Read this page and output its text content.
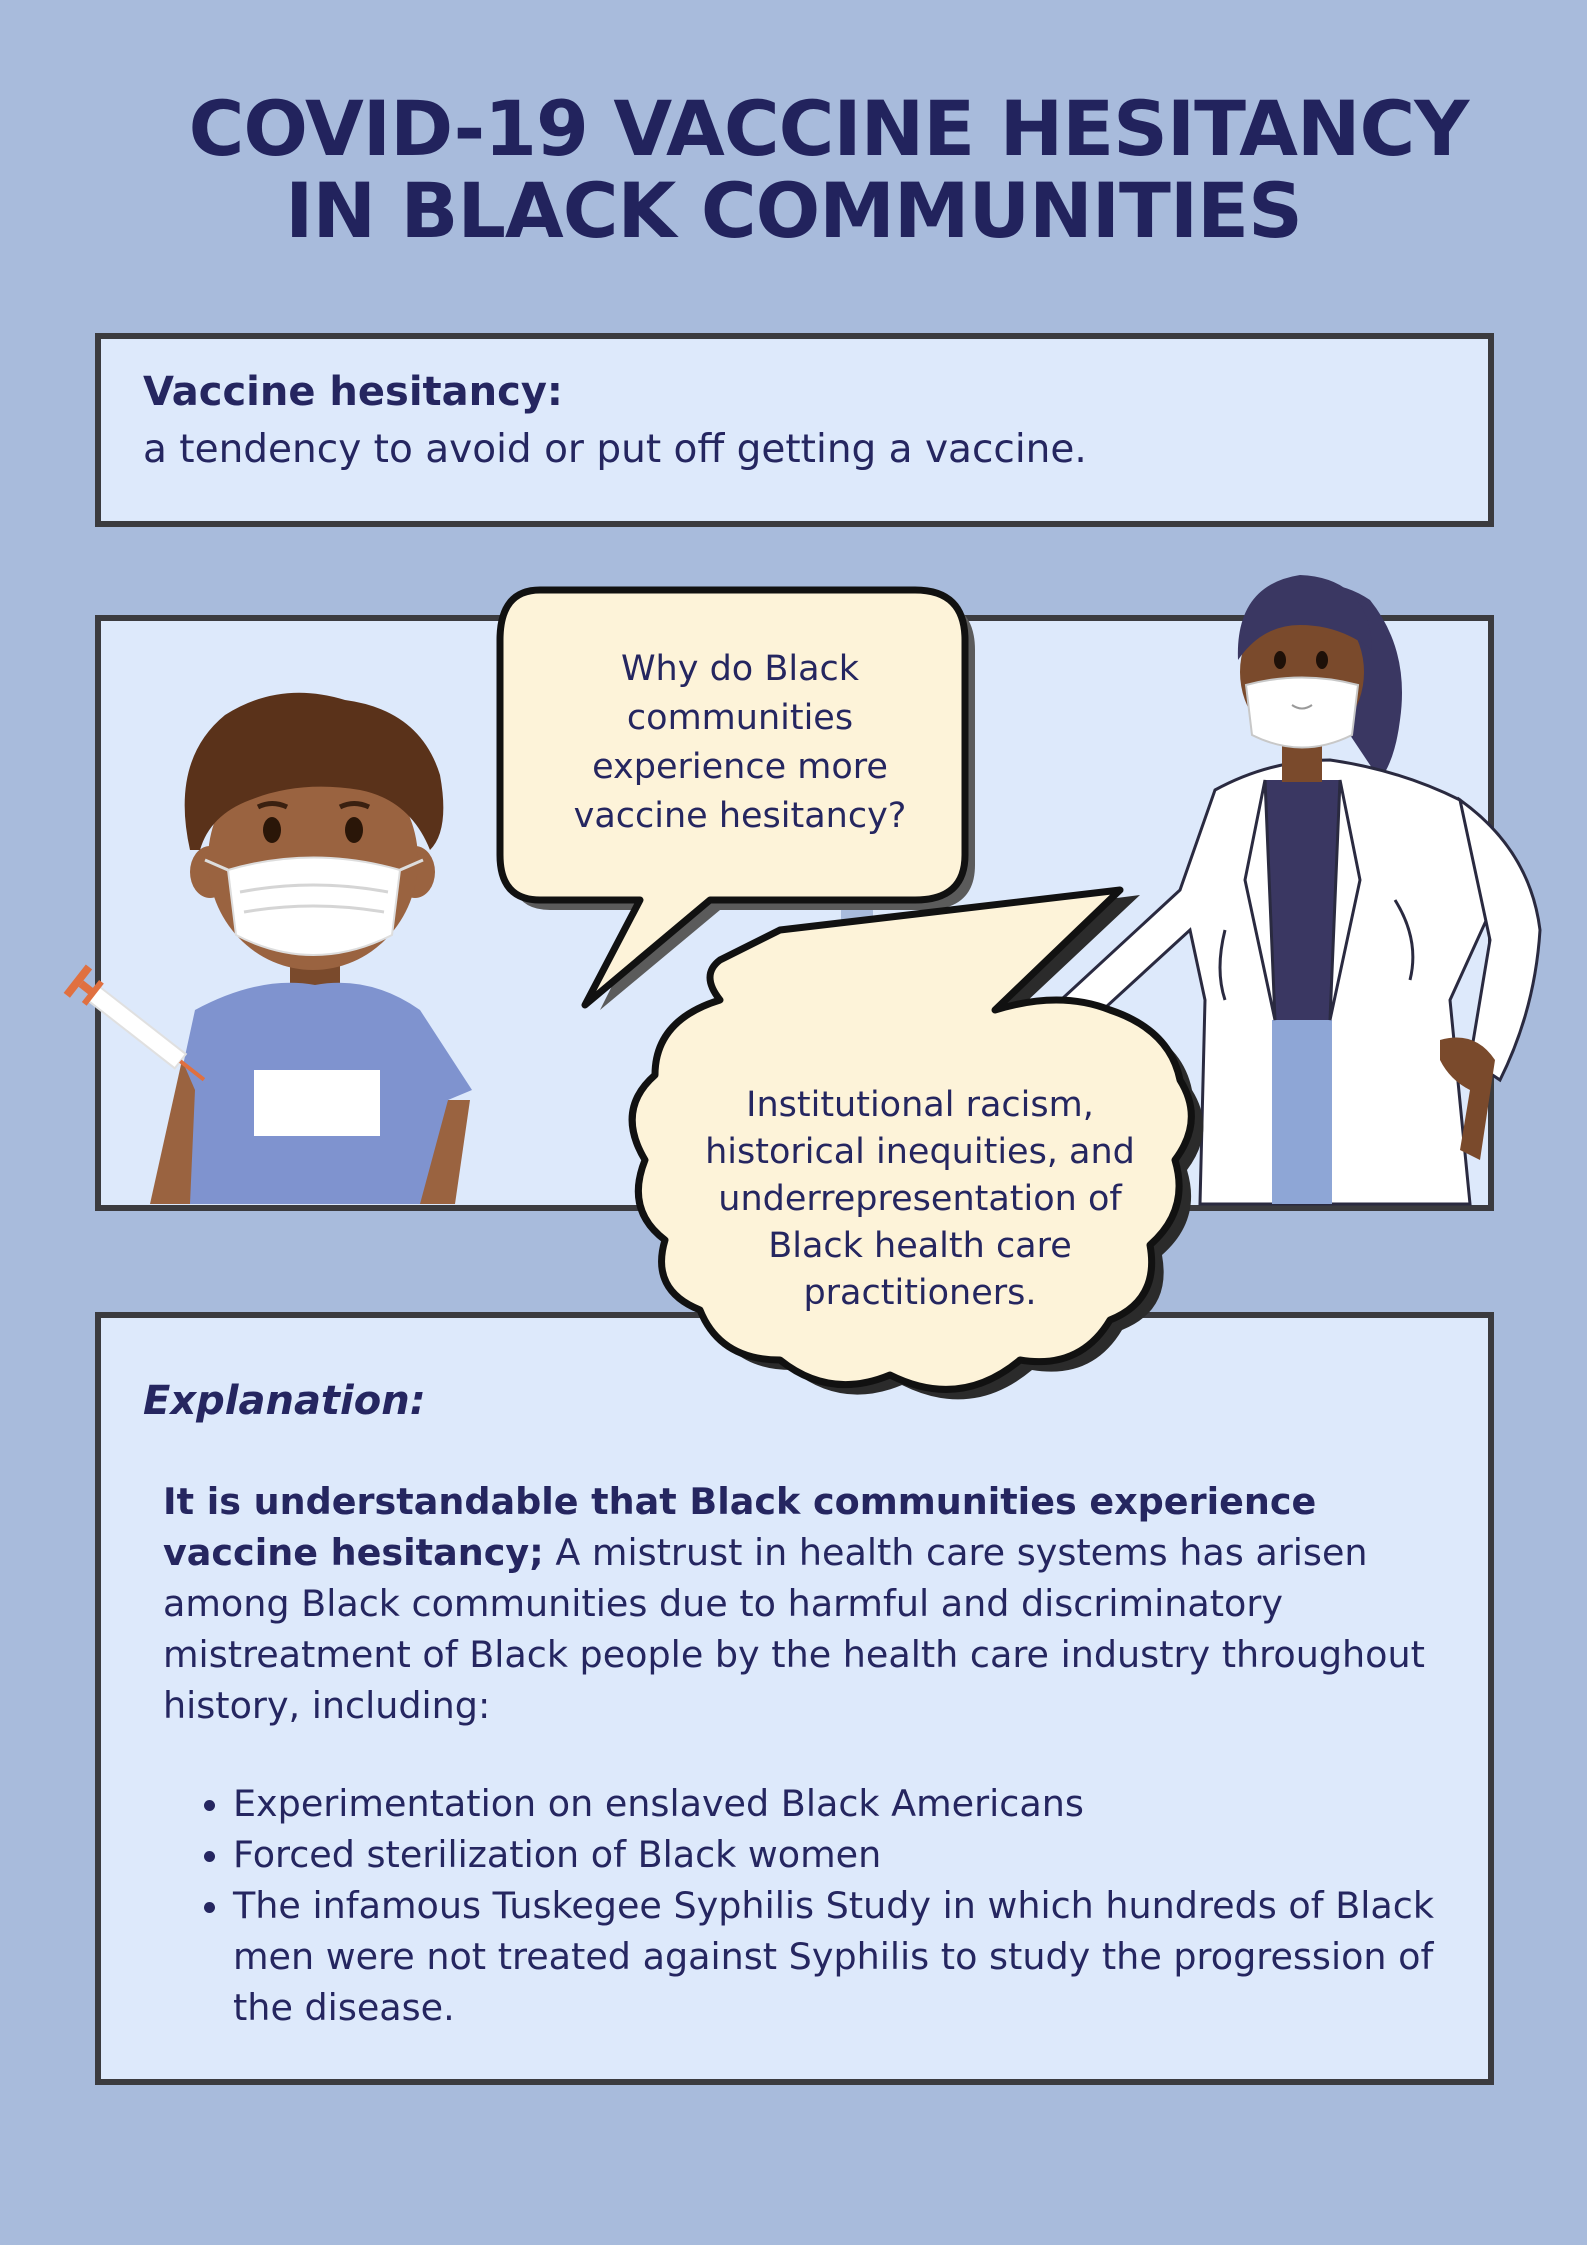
COVID-19 VACCINE HESITANCY
IN BLACK COMMUNITIES
Vaccine hesitancy:
a tendency to avoid or put off getting a vaccine.
Explanation:

It is understandable that Black communities experience vaccine hesitancy; A mistrust in health care systems has arisen among Black communities due to harmful and discriminatory mistreatment of Black people by the health care industry throughout history, including:

• Experimentation on enslaved Black Americans
• Forced sterilization of Black women
• The infamous Tuskegee Syphilis Study in which hundreds of Black men were not treated against Syphilis to study the progression of the disease.

Why do Black communities experience more vaccine hesitancy?

Institutional racism, historical inequities, and underrepresentation of Black health care practitioners.
